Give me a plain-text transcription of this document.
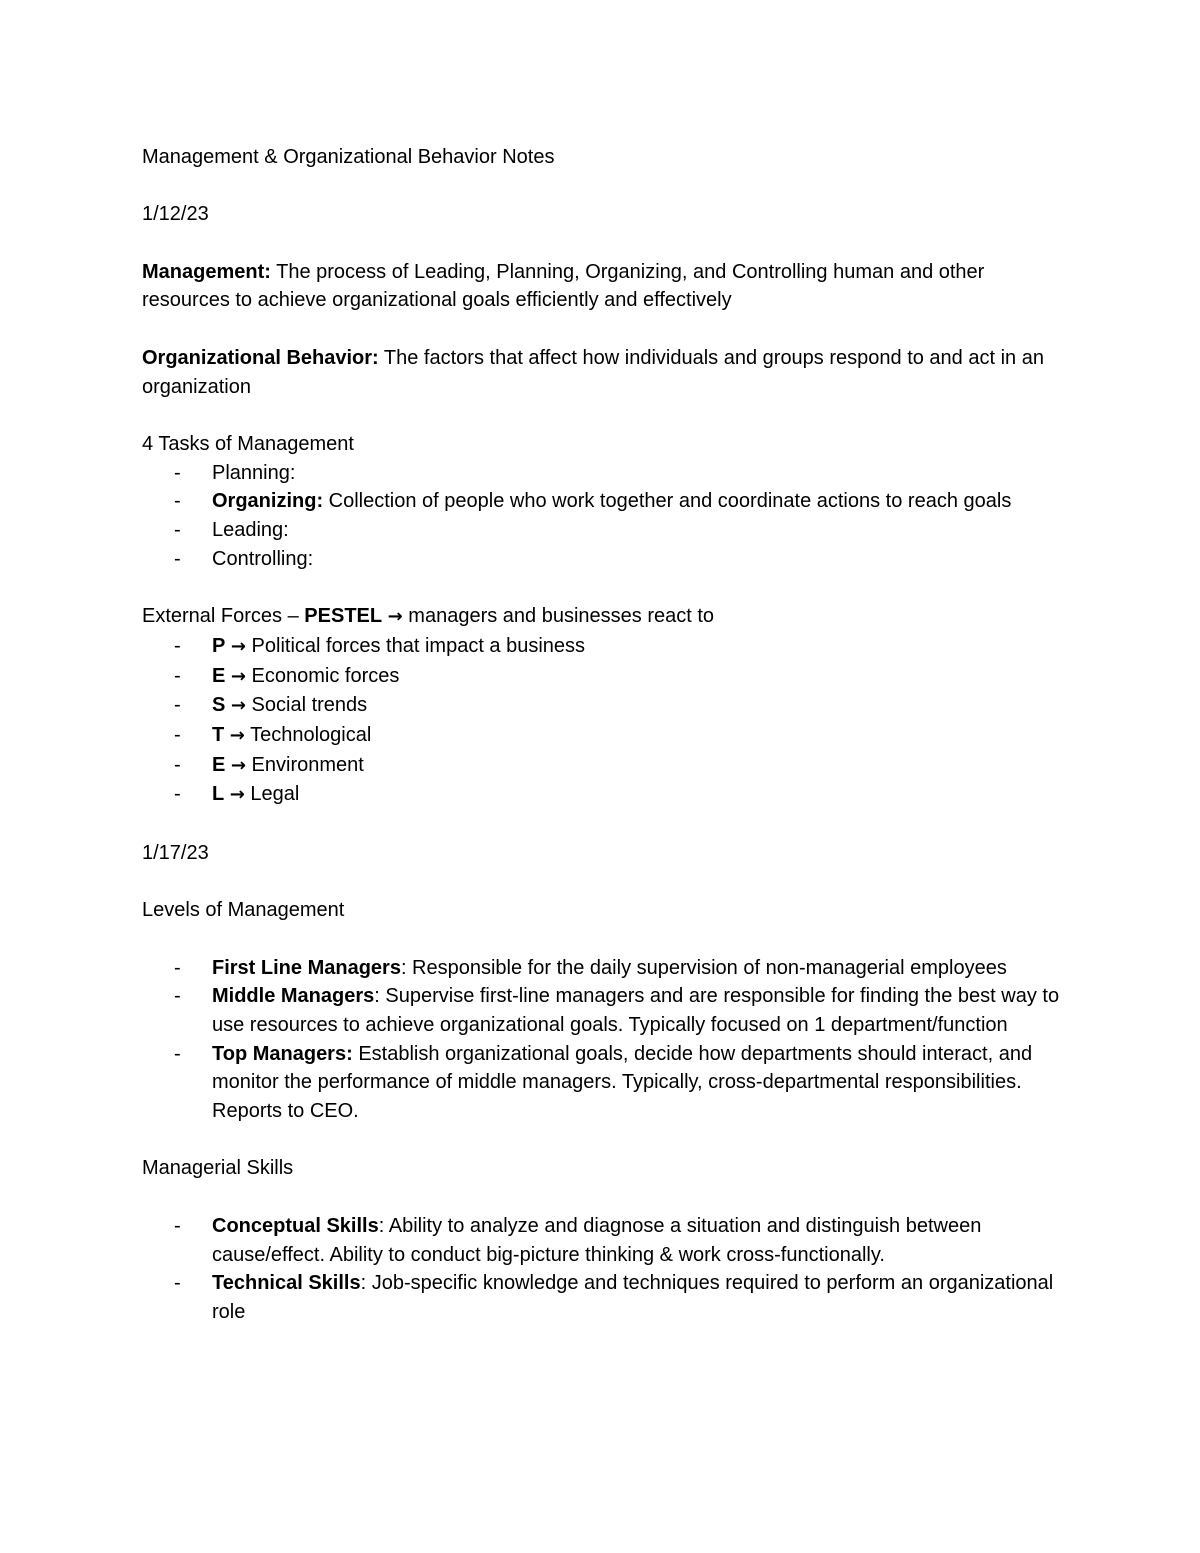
Management & Organizational Behavior Notes

1/12/23

Management: The process of Leading, Planning, Organizing, and Controlling human and other resources to achieve organizational goals efficiently and effectively

Organizational Behavior: The factors that affect how individuals and groups respond to and act in an organization

4 Tasks of Management

- Planning:
- Organizing: Collection of people who work together and coordinate actions to reach goals
- Leading:
- Controlling:

External Forces – PESTEL → managers and businesses react to

- P → Political forces that impact a business
- E → Economic forces
- S → Social trends
- T → Technological
- E → Environment
- L → Legal

1/17/23

Levels of Management

- First Line Managers: Responsible for the daily supervision of non-managerial employees
- Middle Managers: Supervise first-line managers and are responsible for finding the best way to use resources to achieve organizational goals. Typically focused on 1 department/function
- Top Managers: Establish organizational goals, decide how departments should interact, and monitor the performance of middle managers. Typically, cross-departmental responsibilities. Reports to CEO.

Managerial Skills

- Conceptual Skills: Ability to analyze and diagnose a situation and distinguish between cause/effect. Ability to conduct big-picture thinking & work cross-functionally.
- Technical Skills: Job-specific knowledge and techniques required to perform an organizational role
